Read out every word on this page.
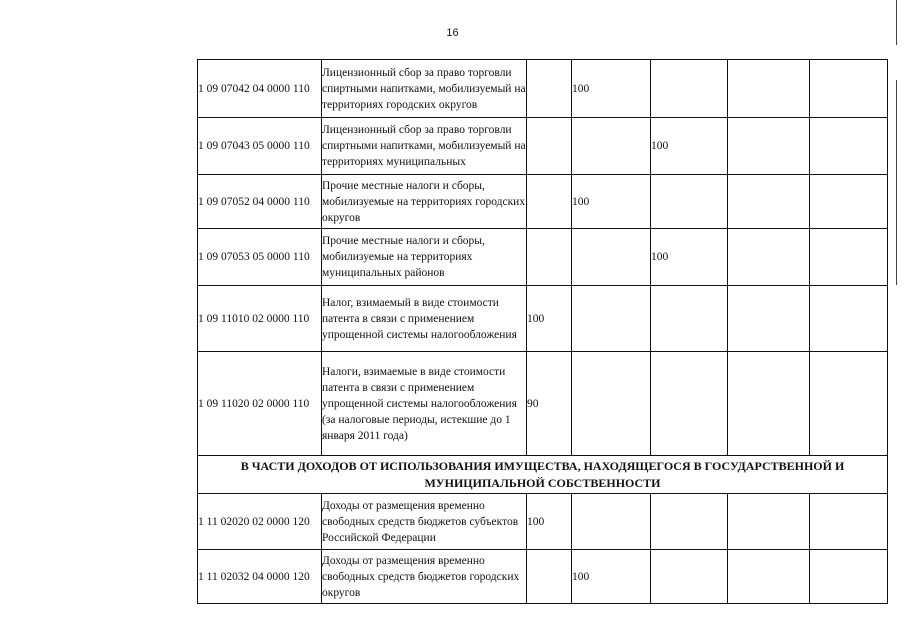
16
1 09 07042 04 0000 110	Лицензионный сбор за право торговли спиртными напитками, мобилизуемый на территориях городских округов		100			
1 09 07043 05 0000 110	Лицензионный сбор за право торговли спиртными напитками, мобилизуемый на территориях муниципальных			100		
1 09 07052 04 0000 110	Прочие местные налоги и сборы, мобилизуемые на территориях городских округов		100			
1 09 07053 05 0000 110	Прочие местные налоги и сборы, мобилизуемые на территориях муниципальных районов			100		
1 09 11010 02 0000 110	Налог, взимаемый в виде стоимости патента в связи с применением упрощенной системы налогообложения	100				
1 09 11020 02 0000 110	Налоги, взимаемые в виде стоимости патента в связи с применением упрощенной системы налогообложения (за налоговые периоды, истекшие до 1 января 2011 года)	90				
В ЧАСТИ ДОХОДОВ ОТ ИСПОЛЬЗОВАНИЯ ИМУЩЕСТВА, НАХОДЯЩЕГОСЯ В ГОСУДАРСТВЕННОЙ И МУНИЦИПАЛЬНОЙ СОБСТВЕННОСТИ						
1 11 02020 02 0000 120	Доходы от размещения временно свободных средств бюджетов субъектов Российской Федерации	100				
1 11 02032 04 0000 120	Доходы от размещения временно свободных средств бюджетов городских округов		100			
